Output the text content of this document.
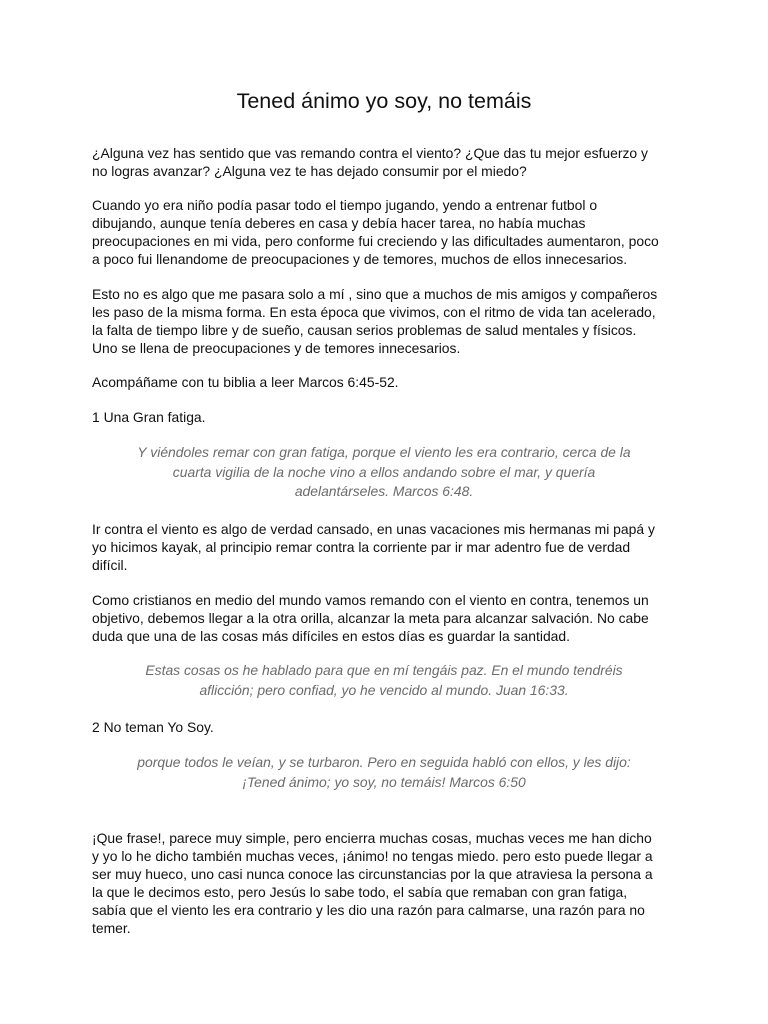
Tened ánimo yo soy, no temáis

¿Alguna vez has sentido que vas remando contra el viento? ¿Que das tu mejor esfuerzo y
no logras avanzar? ¿Alguna vez te has dejado consumir por el miedo?

Cuando yo era niño podía pasar todo el tiempo jugando, yendo a entrenar futbol o
dibujando, aunque tenía deberes en casa y debía hacer tarea, no había muchas
preocupaciones en mi vida, pero conforme fui creciendo y las dificultades aumentaron, poco
a poco fui llenandome de preocupaciones y de temores, muchos de ellos innecesarios.

Esto no es algo que me pasara solo a mí , sino que a muchos de mis amigos y compañeros
les paso de la misma forma. En esta época que vivimos, con el ritmo de vida tan acelerado,
la falta de tiempo libre y de sueño, causan serios problemas de salud mentales y físicos.
Uno se llena de preocupaciones y de temores innecesarios.

Acompáñame con tu biblia a leer Marcos 6:45-52.

1 Una Gran fatiga.

Y viéndoles remar con gran fatiga, porque el viento les era contrario, cerca de la
cuarta vigilia de la noche vino a ellos andando sobre el mar, y quería
adelantárseles. Marcos 6:48.

Ir contra el viento es algo de verdad cansado, en unas vacaciones mis hermanas mi papá y
yo hicimos kayak, al principio remar contra la corriente par ir mar adentro fue de verdad
difícil.

Como cristianos en medio del mundo vamos remando con el viento en contra, tenemos un
objetivo, debemos llegar a la otra orilla, alcanzar la meta para alcanzar salvación. No cabe
duda que una de las cosas más difíciles en estos días es guardar la santidad.

Estas cosas os he hablado para que en mí tengáis paz. En el mundo tendréis
aflicción; pero confiad, yo he vencido al mundo. Juan 16:33.

2 No teman Yo Soy.

porque todos le veían, y se turbaron. Pero en seguida habló con ellos, y les dijo:
¡Tened ánimo; yo soy, no temáis! Marcos 6:50

¡Que frase!, parece muy simple, pero encierra muchas cosas, muchas veces me han dicho
y yo lo he dicho también muchas veces, ¡ánimo! no tengas miedo. pero esto puede llegar a
ser muy hueco, uno casi nunca conoce las circunstancias por la que atraviesa la persona a
la que le decimos esto, pero Jesús lo sabe todo, el sabía que remaban con gran fatiga,
sabía que el viento les era contrario y les dio una razón para calmarse, una razón para no
temer.
